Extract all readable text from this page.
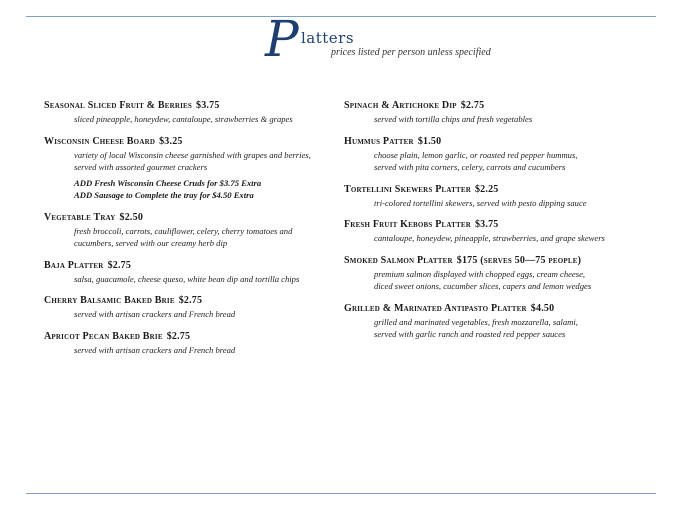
P latters
prices listed per person unless specified
Seasonal Sliced Fruit & Berries $3.75
sliced pineapple, honeydew, cantaloupe, strawberries & grapes
Wisconsin Cheese Board $3.25
variety of local Wisconsin cheese garnished with grapes and berries,
served with assorted gourmet crackers
ADD Fresh Wisconsin Cheese Cruds for $3.75 Extra
ADD Sausage to Complete the tray for $4.50 Extra
Vegetable Tray $2.50
fresh broccoli, carrots, cauliflower, celery, cherry tomatoes and
cucumbers, served with our creamy herb dip
Baja Platter $2.75
salsa, guacamole, cheese queso, white bean dip and tortilla chips
Cherry Balsamic Baked Brie $2.75
served with artisan crackers and French bread
Apricot Pecan Baked Brie $2.75
served with artisan crackers and French bread
Spinach & Artichoke Dip $2.75
served with tortilla chips and fresh vegetables
Hummus Patter $1.50
choose plain, lemon garlic, or roasted red pepper hummus,
served with pita corners, celery, carrots and cucumbers
Tortellini Skewers Platter $2.25
tri-colored tortellini skewers, served with pesto dipping sauce
Fresh Fruit Kebobs Platter $3.75
cantaloupe, honeydew, pineapple, strawberries, and grape skewers
Smoked Salmon Platter $175 (serves 50—75 people)
premium salmon displayed with chopped eggs, cream cheese,
diced sweet onions, cucumber slices, capers and lemon wedges
Grilled & Marinated Antipasto Platter $4.50
grilled and marinated vegetables, fresh mozzarella, salami,
served with garlic ranch and roasted red pepper sauces
